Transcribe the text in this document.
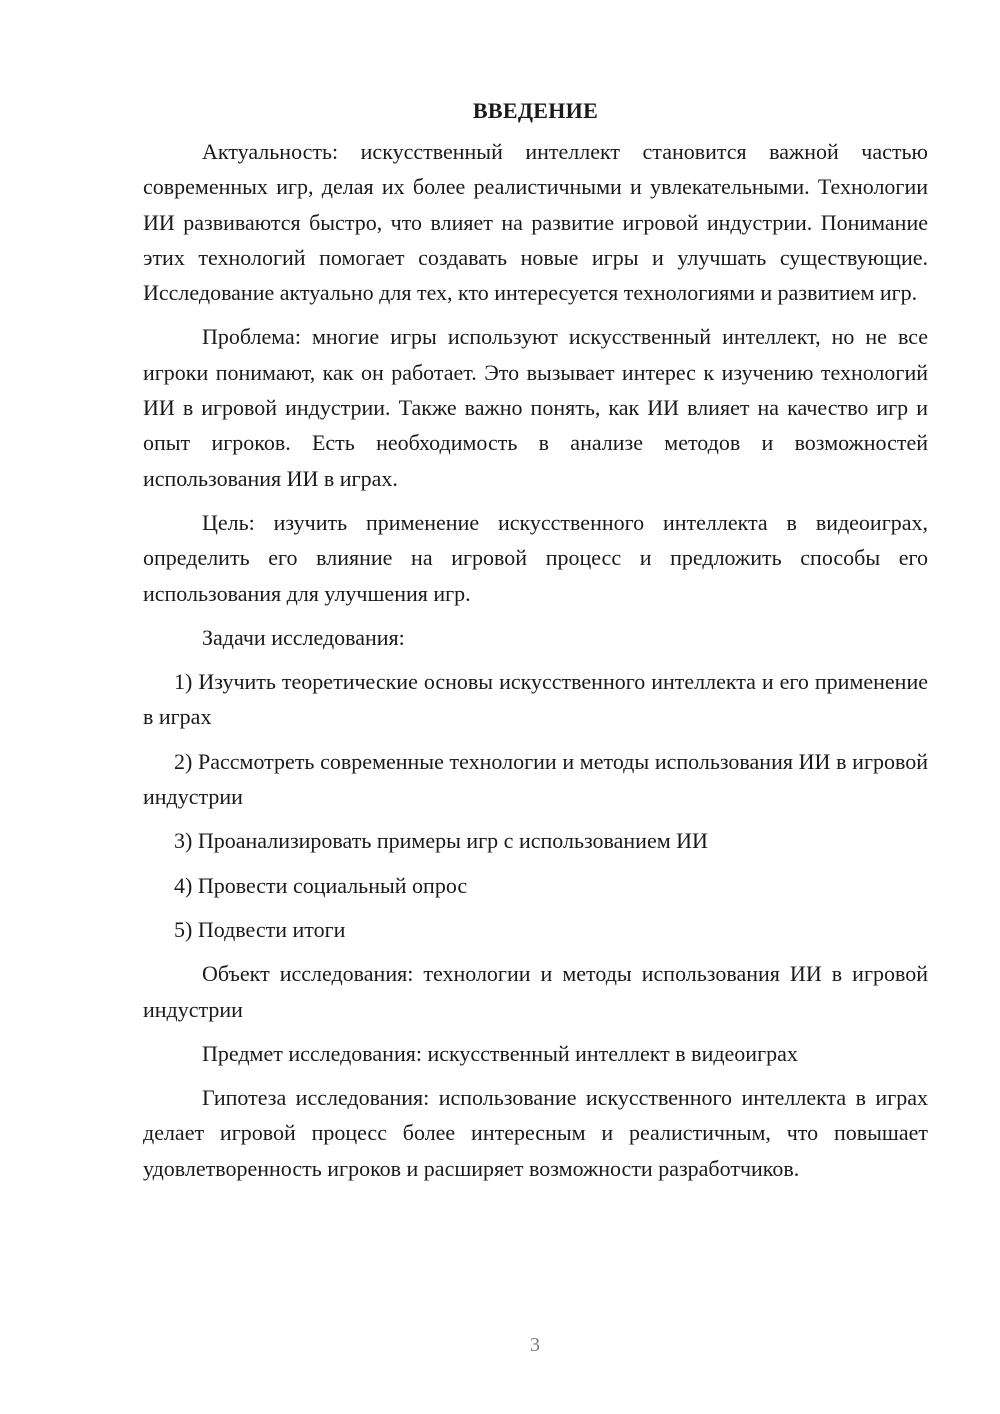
ВВЕДЕНИЕ

Актуальность: искусственный интеллект становится важной частью современных игр, делая их более реалистичными и увлекательными. Технологии ИИ развиваются быстро, что влияет на развитие игровой индустрии. Понимание этих технологий помогает создавать новые игры и улучшать существующие. Исследование актуально для тех, кто интересуется технологиями и развитием игр.

Проблема: многие игры используют искусственный интеллект, но не все игроки понимают, как он работает. Это вызывает интерес к изучению технологий ИИ в игровой индустрии. Также важно понять, как ИИ влияет на качество игр и опыт игроков. Есть необходимость в анализе методов и возможностей использования ИИ в играх.

Цель: изучить применение искусственного интеллекта в видеоиграх, определить его влияние на игровой процесс и предложить способы его использования для улучшения игр.

Задачи исследования:

1) Изучить теоретические основы искусственного интеллекта и его применение в играх

2) Рассмотреть современные технологии и методы использования ИИ в игровой индустрии

3) Проанализировать примеры игр с использованием ИИ

4) Провести социальный опрос

5) Подвести итоги

Объект исследования: технологии и методы использования ИИ в игровой индустрии

Предмет исследования: искусственный интеллект в видеоиграх

Гипотеза исследования: использование искусственного интеллекта в играх делает игровой процесс более интересным и реалистичным, что повышает удовлетворенность игроков и расширяет возможности разработчиков.

3
